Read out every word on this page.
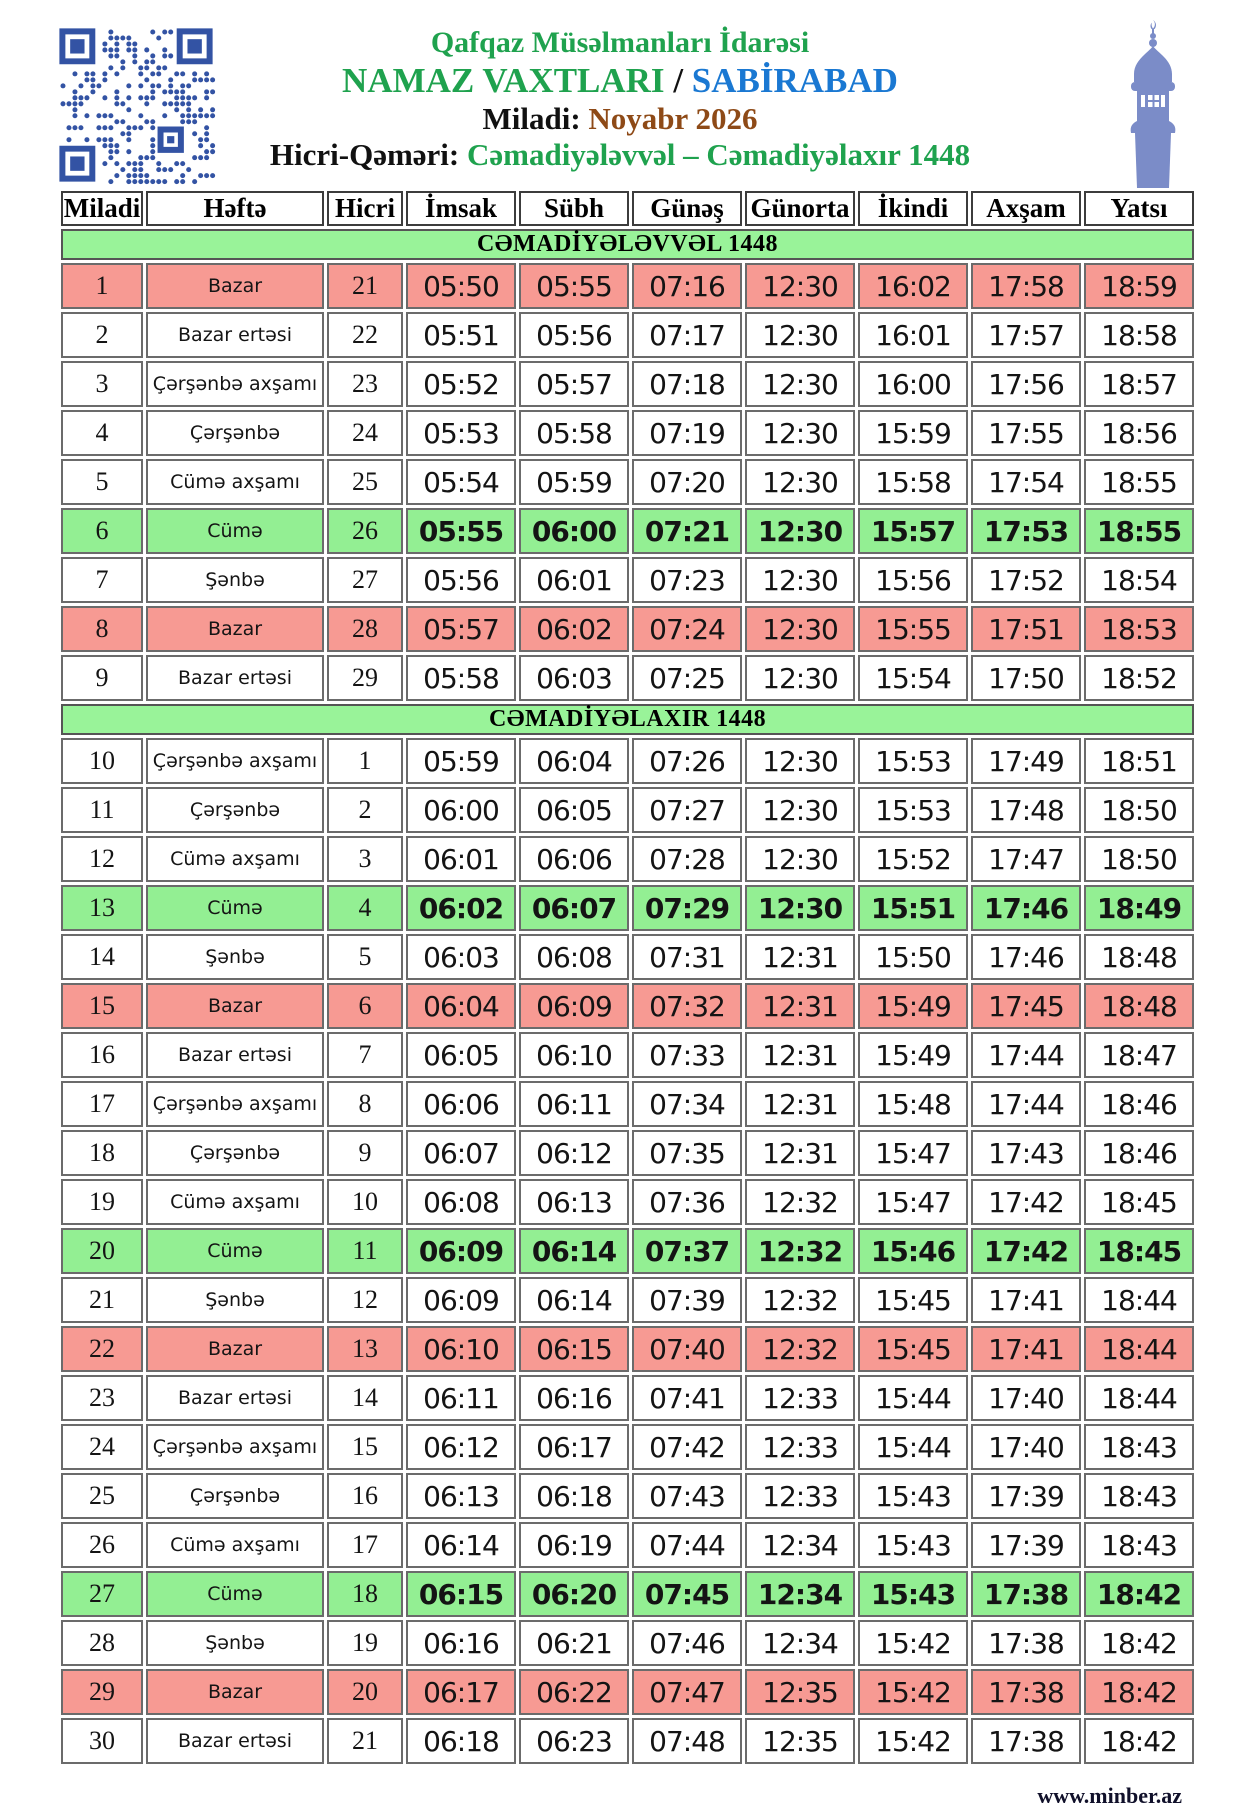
Qafqaz Müsəlmanları İdarəsi
NAMAZ VAXTLARI / SABİRABAD
Miladi: Noyabr 2026
Hicri-Qəməri: Cəmadiyələvvəl – Cəmadiyəlaxır 1448
Miladi	Həftə	Hicri	İmsak	Sübh	Günəş	Günorta	İkindi	Axşam	Yatsı
CƏMADİYƏLƏVVƏL 1448									
1	Bazar	21	05:50	05:55	07:16	12:30	16:02	17:58	18:59
2	Bazar ertəsi	22	05:51	05:56	07:17	12:30	16:01	17:57	18:58
3	Çərşənbə axşamı	23	05:52	05:57	07:18	12:30	16:00	17:56	18:57
4	Çərşənbə	24	05:53	05:58	07:19	12:30	15:59	17:55	18:56
5	Cümə axşamı	25	05:54	05:59	07:20	12:30	15:58	17:54	18:55
6	Cümə	26	05:55	06:00	07:21	12:30	15:57	17:53	18:55
7	Şənbə	27	05:56	06:01	07:23	12:30	15:56	17:52	18:54
8	Bazar	28	05:57	06:02	07:24	12:30	15:55	17:51	18:53
9	Bazar ertəsi	29	05:58	06:03	07:25	12:30	15:54	17:50	18:52
CƏMADİYƏLAXIR 1448									
10	Çərşənbə axşamı	1	05:59	06:04	07:26	12:30	15:53	17:49	18:51
11	Çərşənbə	2	06:00	06:05	07:27	12:30	15:53	17:48	18:50
12	Cümə axşamı	3	06:01	06:06	07:28	12:30	15:52	17:47	18:50
13	Cümə	4	06:02	06:07	07:29	12:30	15:51	17:46	18:49
14	Şənbə	5	06:03	06:08	07:31	12:31	15:50	17:46	18:48
15	Bazar	6	06:04	06:09	07:32	12:31	15:49	17:45	18:48
16	Bazar ertəsi	7	06:05	06:10	07:33	12:31	15:49	17:44	18:47
17	Çərşənbə axşamı	8	06:06	06:11	07:34	12:31	15:48	17:44	18:46
18	Çərşənbə	9	06:07	06:12	07:35	12:31	15:47	17:43	18:46
19	Cümə axşamı	10	06:08	06:13	07:36	12:32	15:47	17:42	18:45
20	Cümə	11	06:09	06:14	07:37	12:32	15:46	17:42	18:45
21	Şənbə	12	06:09	06:14	07:39	12:32	15:45	17:41	18:44
22	Bazar	13	06:10	06:15	07:40	12:32	15:45	17:41	18:44
23	Bazar ertəsi	14	06:11	06:16	07:41	12:33	15:44	17:40	18:44
24	Çərşənbə axşamı	15	06:12	06:17	07:42	12:33	15:44	17:40	18:43
25	Çərşənbə	16	06:13	06:18	07:43	12:33	15:43	17:39	18:43
26	Cümə axşamı	17	06:14	06:19	07:44	12:34	15:43	17:39	18:43
27	Cümə	18	06:15	06:20	07:45	12:34	15:43	17:38	18:42
28	Şənbə	19	06:16	06:21	07:46	12:34	15:42	17:38	18:42
29	Bazar	20	06:17	06:22	07:47	12:35	15:42	17:38	18:42
30	Bazar ertəsi	21	06:18	06:23	07:48	12:35	15:42	17:38	18:42
www.minber.az
